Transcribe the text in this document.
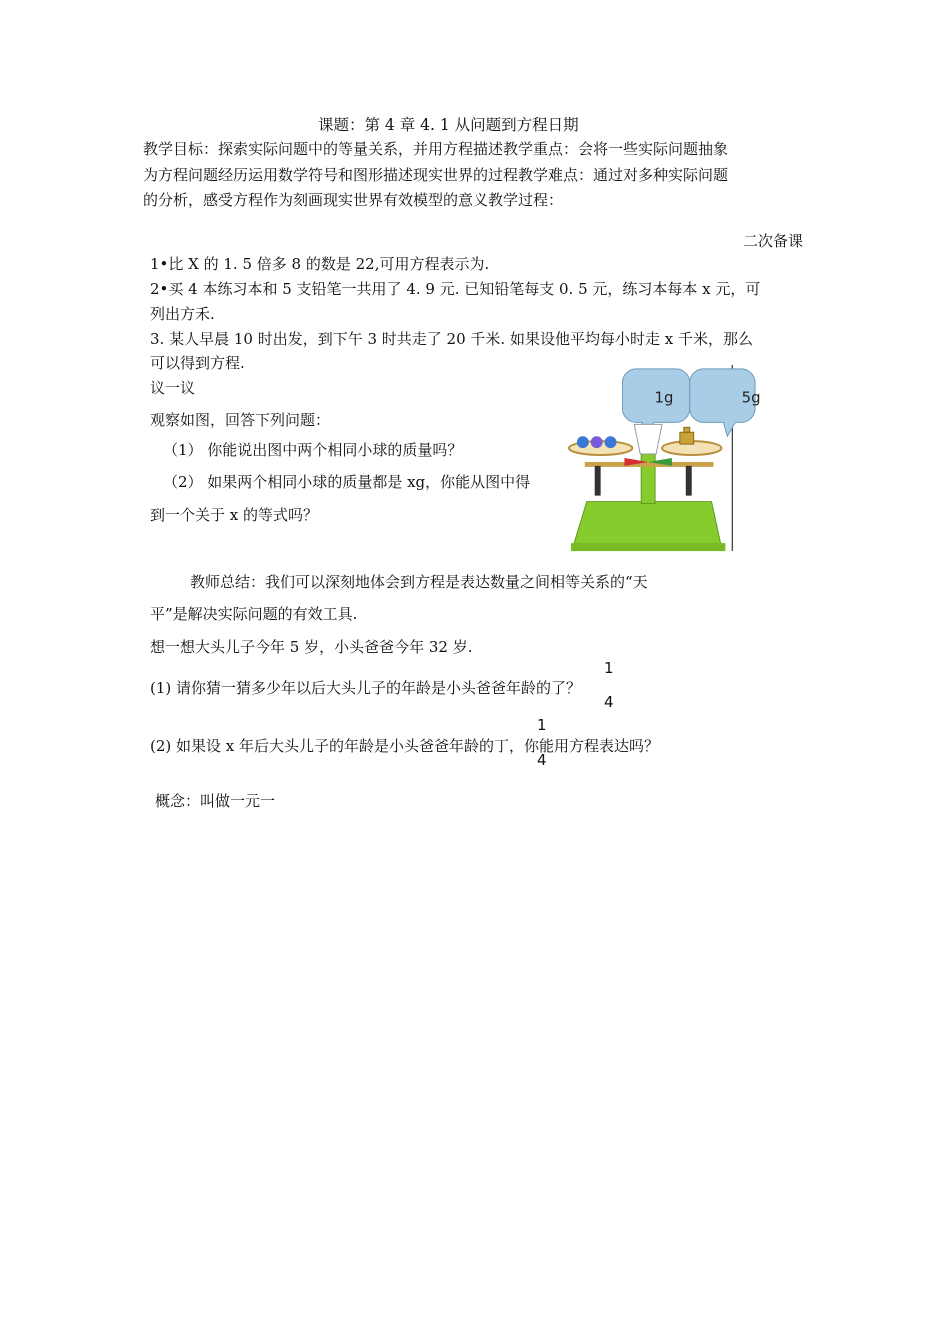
课题：第 4 章 4. 1 从问题到方程日期
教学目标：探索实际问题中的等量关系，并用方程描述教学重点：会将一些实际问题抽象
为方程问题经历运用数学符号和图形描述现实世界的过程教学难点：通过对多种实际问题
的分析，感受方程作为刻画现实世界有效模型的意义教学过程：
二次备课
1•比 X 的 1. 5 倍多 8 的数是 22,可用方程表示为.
2•买 4 本练习本和 5 支铅笔一共用了 4. 9 元. 已知铅笔每支 0. 5 元，练习本每本 x 元，可
列出方禾.
3. 某人早晨 10 时出发，到下午 3 时共走了 20 千米. 如果设他平均每小时走 x 千米，那么
可以得到方程.
议一议
观察如图，回答下列问题：
（1） 你能说出图中两个相同小球的质量吗？
（2） 如果两个相同小球的质量都是 xg，你能从图中得
到一个关于 x 的等式吗？
1g	5g
教师总结：我们可以深刻地体会到方程是表达数量之间相等关系的“天
平”是解决实际问题的有效工具.
想一想大头儿子今年 5 岁，小头爸爸今年 32 岁.
(1) 请你猜一猜多少年以后大头儿子的年龄是小头爸爸年龄的了？
1
4
(2) 如果设 x 年后大头儿子的年龄是小头爸爸年龄的丁，你能用方程表达吗？
1
4
概念：叫做一元一
